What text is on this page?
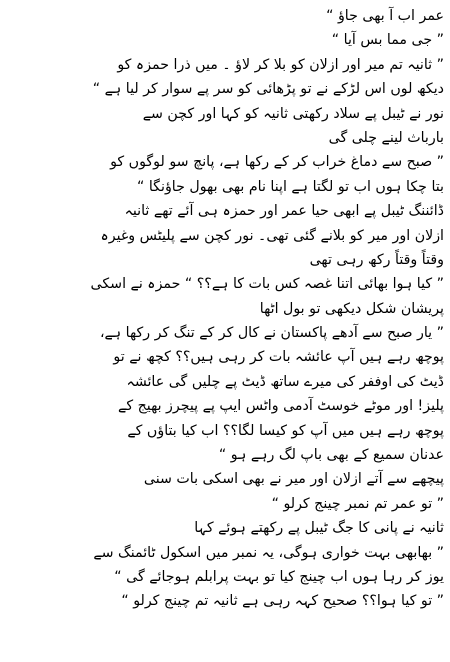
عمر اب آ بھی جاؤ “
” جی مما بس آیا “
” ثانیہ تم میر اور ازلان کو بلا کر لاؤ ۔ میں ذرا حمزہ کو
دیکھ لوں اس لڑکے نے تو پڑھائی کو سر پے سوار کر لیا ہے “
نور نے ٹیبل پے سلاد رکھتی ثانیہ کو کہا اور کچن سے
بارباث لینے چلی گی
” صبح سے دماغ خراب کر کے رکھا ہے، پانچ سو لوگوں کو
بتا چکا ہوں اب تو لگتا ہے اپنا نام بھی بھول جاؤنگا “
ڈائننگ ٹیبل پے ابھی حیا عمر اور حمزہ ہی آئے تھے ثانیہ
ازلان اور میر کو بلانے گئی تھی۔ نور کچن سے پلیٹس وغیرہ
وقتاً وقتاً رکھ رہی تھی
” کیا ہوا بھائی اتنا غصہ کس بات کا ہے؟؟ “ حمزہ نے اسکی
پریشان شکل دیکھی تو بول اٹھا
” یار صبح سے آدھے پاکستان نے کال کر کے تنگ کر رکھا ہے،
پوچھ رہے ہیں آپ عائشہ بات کر رہی ہیں؟؟ کچھ نے تو
ڈیٹ کی اوففر کی میرے ساتھ ڈیٹ پے چلیں گی عائشہ
پلیز! اور موٹے خوسٹ آدمی واٹس ایپ پے پیچرز بھیج کے
پوچھ رہے ہیں میں آپ کو کیسا لگا؟؟ اب کیا بتاؤں کے
عدنان سمیع کے بھی باپ لگ رہے ہو “
پیچھے سے آتے ازلان اور میر نے بھی اسکی بات سنی
” تو عمر تم نمبر چینج کرلو “
ثانیہ نے پانی کا جگ ٹیبل پے رکھتے ہوئے کہا
” بھابھی بہت خواری ہوگی، یہ نمبر میں اسکول ٹائمنگ سے
یوز کر رہا ہوں اب چینج کیا تو بہت پرابلم ہوجائے گی “
” تو کیا ہوا؟؟ صحیح کہہ رہی ہے ثانیہ تم چینج کرلو “
